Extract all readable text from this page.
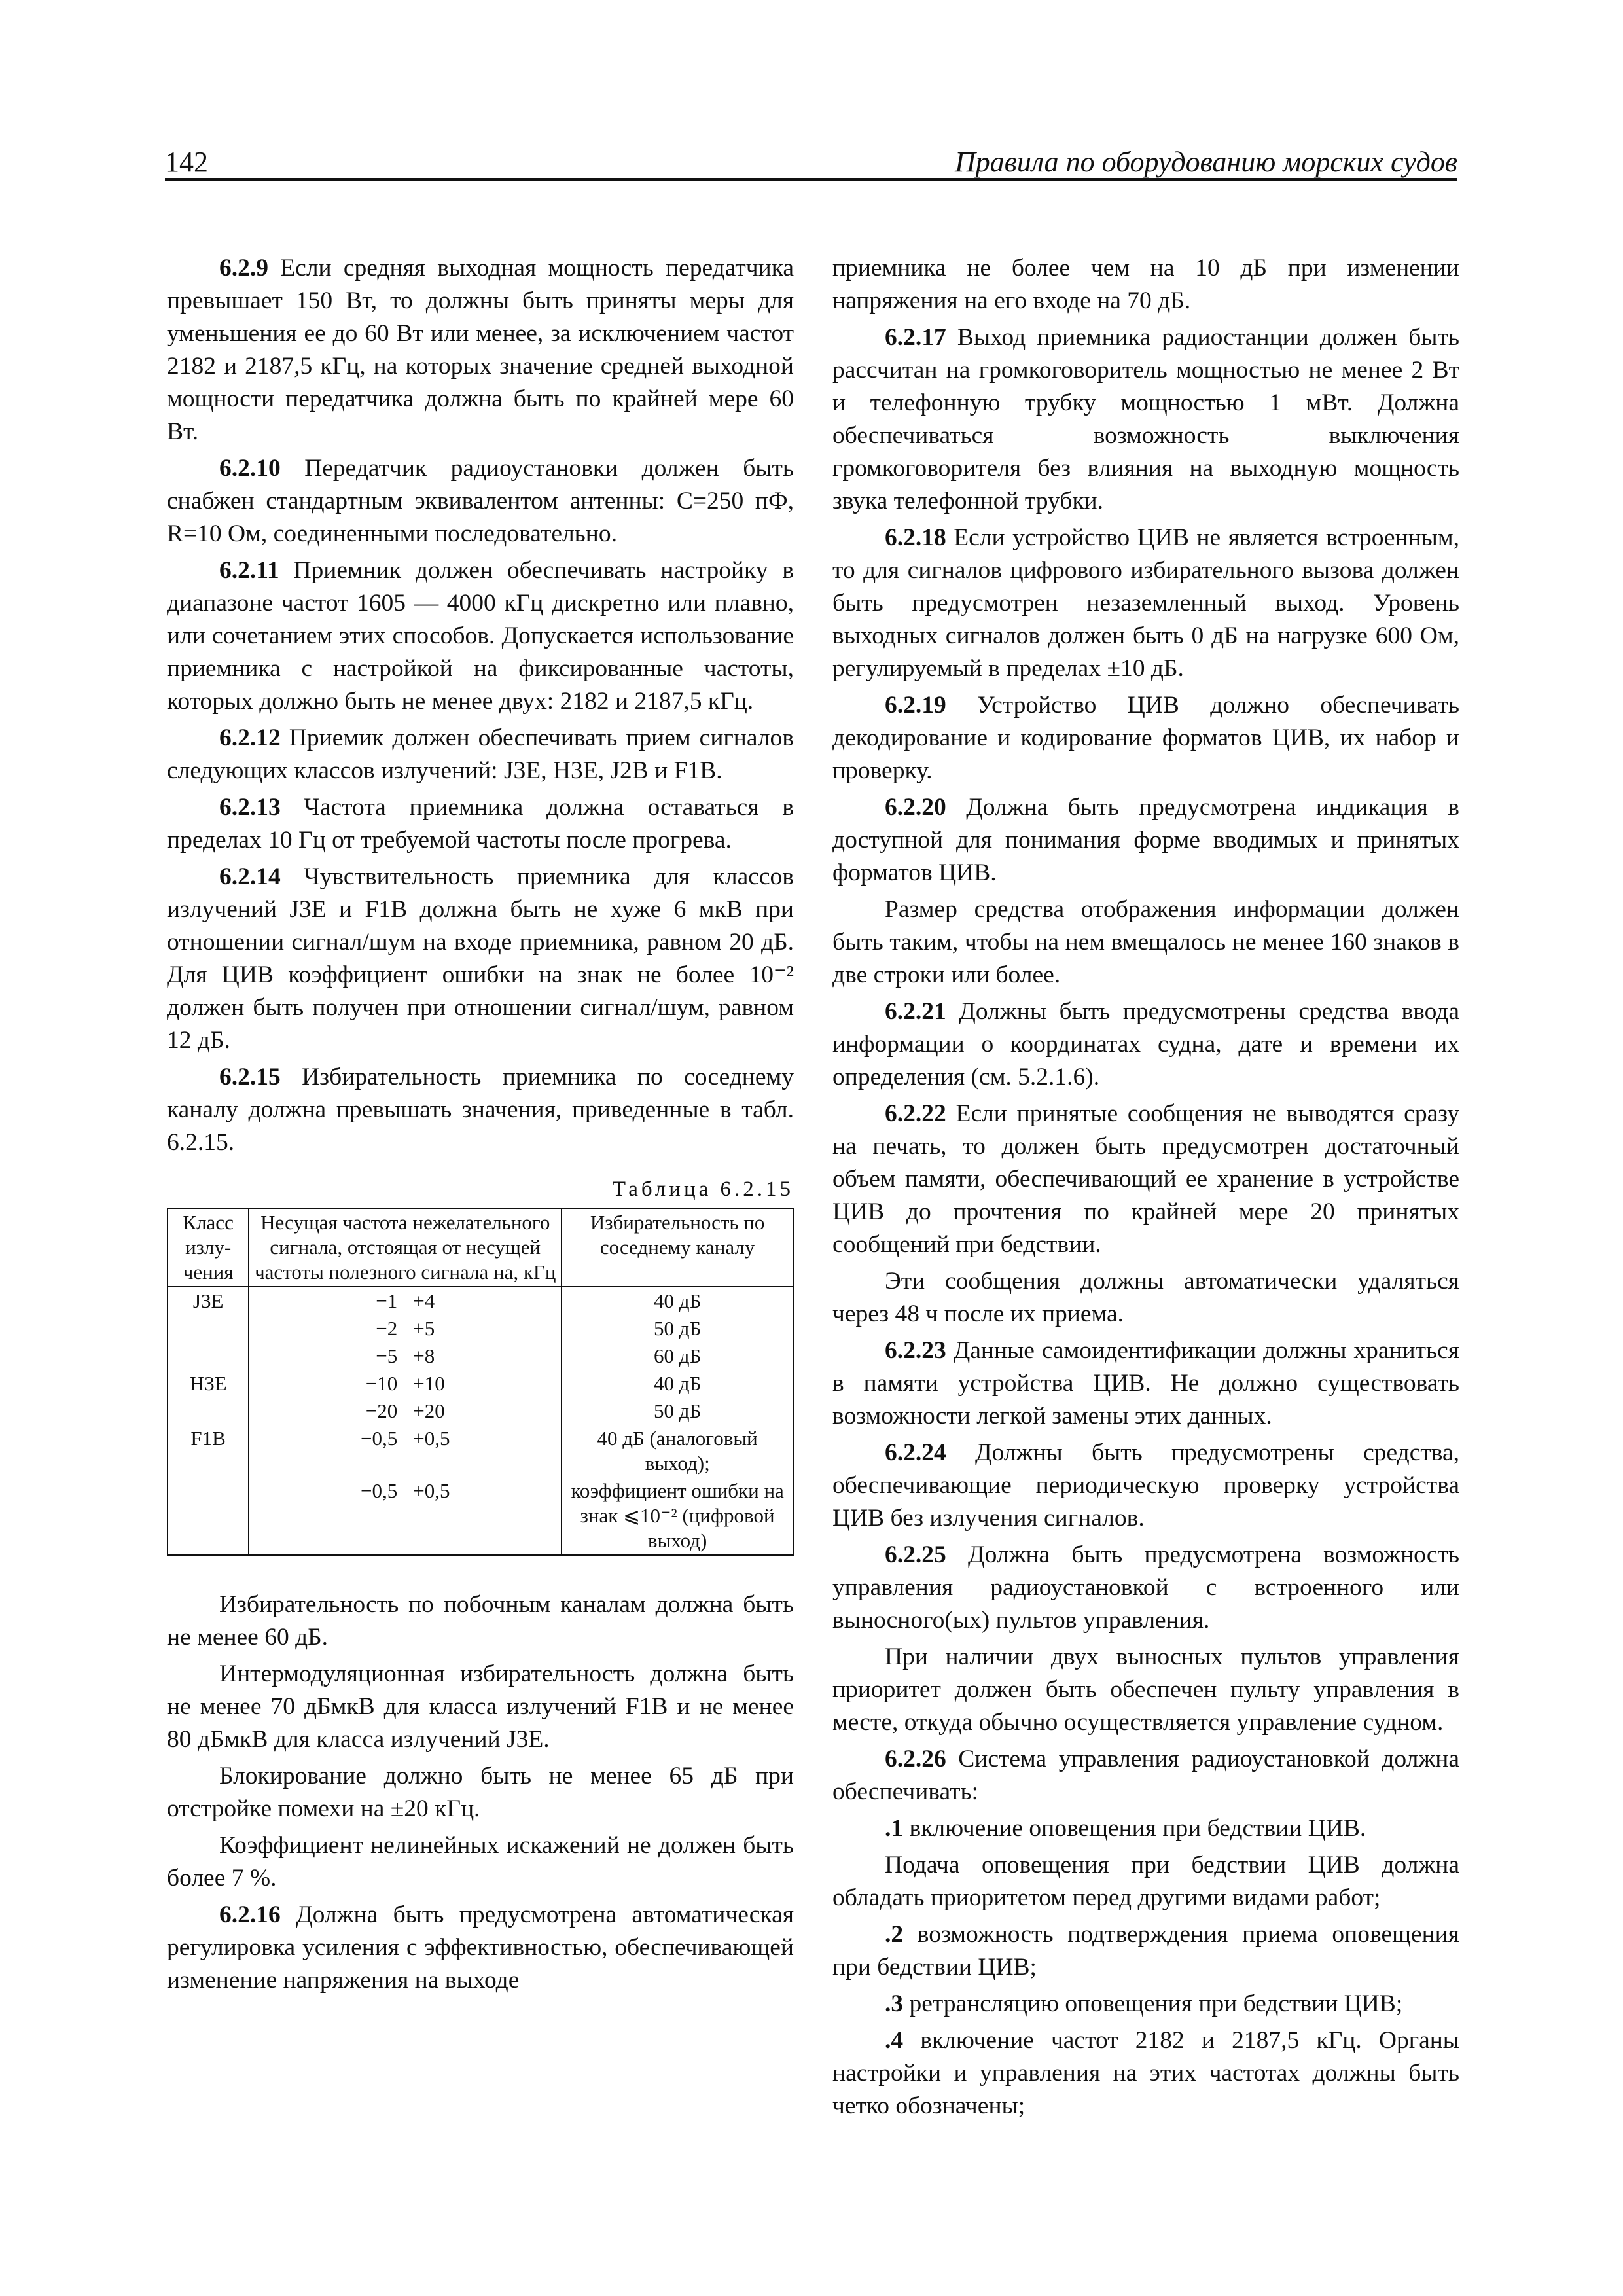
142	Правила по оборудованию морских судов

6.2.9 Если средняя выходная мощность передатчика превышает 150 Вт, то должны быть приняты меры для уменьшения ее до 60 Вт или менее, за исключением частот 2182 и 2187,5 кГц, на которых значение средней выходной мощности передатчика должна быть по крайней мере 60 Вт.

6.2.10 Передатчик радиоустановки должен быть снабжен стандартным эквивалентом антенны: C=250 пФ, R=10 Ом, соединенными последовательно.

6.2.11 Приемник должен обеспечивать настройку в диапазоне частот 1605 — 4000 кГц дискретно или плавно, или сочетанием этих способов. Допускается использование приемника с настройкой на фиксированные частоты, которых должно быть не менее двух: 2182 и 2187,5 кГц.

6.2.12 Приемик должен обеспечивать прием сигналов следующих классов излучений: J3E, H3E, J2B и F1B.

6.2.13 Частота приемника должна оставаться в пределах 10 Гц от требуемой частоты после прогрева.

6.2.14 Чувствительность приемника для классов излучений J3E и F1B должна быть не хуже 6 мкВ при отношении сигнал/шум на входе приемника, равном 20 дБ. Для ЦИВ коэффициент ошибки на знак не более 10⁻² должен быть получен при отношении сигнал/шум, равном 12 дБ.

6.2.15 Избирательность приемника по соседнему каналу должна превышать значения, приведенные в табл. 6.2.15.

Таблица 6.2.15
Класс излу-чения	Несущая частота нежелательного сигнала, отстоящая от несущей частоты полезного сигнала на, кГц	Избирательность по соседнему каналу
J3E	−1 +4	40 дБ

	−2 +5	50 дБ

	−5 +8	60 дБ
H3E	−10 +10	40 дБ

	−20 +20	50 дБ
F1B	−0,5 +0,5	40 дБ (аналоговый выход);

	−0,5 +0,5	коэффициент ошибки на знак ⩽10⁻² (цифровой выход)

Избирательность по побочным каналам должна быть не менее 60 дБ.

Интермодуляционная избирательность должна быть не менее 70 дБмкВ для класса излучений F1B и не менее 80 дБмкВ для класса излучений J3E.

Блокирование должно быть не менее 65 дБ при отстройке помехи на ±20 кГц.

Коэффициент нелинейных искажений не должен быть более 7 %.

6.2.16 Должна быть предусмотрена автоматическая регулировка усиления с эффективностью, обеспечивающей изменение напряжения на выходе

приемника не более чем на 10 дБ при изменении напряжения на его входе на 70 дБ.

6.2.17 Выход приемника радиостанции должен быть рассчитан на громкоговоритель мощностью не менее 2 Вт и телефонную трубку мощностью 1 мВт. Должна обеспечиваться возможность выключения громкоговорителя без влияния на выходную мощность звука телефонной трубки.

6.2.18 Если устройство ЦИВ не является встроенным, то для сигналов цифрового избирательного вызова должен быть предусмотрен незаземленный выход. Уровень выходных сигналов должен быть 0 дБ на нагрузке 600 Ом, регулируемый в пределах ±10 дБ.

6.2.19 Устройство ЦИВ должно обеспечивать декодирование и кодирование форматов ЦИВ, их набор и проверку.

6.2.20 Должна быть предусмотрена индикация в доступной для понимания форме вводимых и принятых форматов ЦИВ.

Размер средства отображения информации должен быть таким, чтобы на нем вмещалось не менее 160 знаков в две строки или более.

6.2.21 Должны быть предусмотрены средства ввода информации о координатах судна, дате и времени их определения (см. 5.2.1.6).

6.2.22 Если принятые сообщения не выводятся сразу на печать, то должен быть предусмотрен достаточный объем памяти, обеспечивающий ее хранение в устройстве ЦИВ до прочтения по крайней мере 20 принятых сообщений при бедствии.

Эти сообщения должны автоматически удаляться через 48 ч после их приема.

6.2.23 Данные самоидентификации должны храниться в памяти устройства ЦИВ. Не должно существовать возможности легкой замены этих данных.

6.2.24 Должны быть предусмотрены средства, обеспечивающие периодическую проверку устройства ЦИВ без излучения сигналов.

6.2.25 Должна быть предусмотрена возможность управления радиоустановкой с встроенного или выносного(ых) пультов управления.

При наличии двух выносных пультов управления приоритет должен быть обеспечен пульту управления в месте, откуда обычно осуществляется управление судном.

6.2.26 Система управления радиоустановкой должна обеспечивать:

.1 включение оповещения при бедствии ЦИВ.

Подача оповещения при бедствии ЦИВ должна обладать приоритетом перед другими видами работ;

.2 возможность подтверждения приема оповещения при бедствии ЦИВ;

.3 ретрансляцию оповещения при бедствии ЦИВ;

.4 включение частот 2182 и 2187,5 кГц. Органы настройки и управления на этих частотах должны быть четко обозначены;
